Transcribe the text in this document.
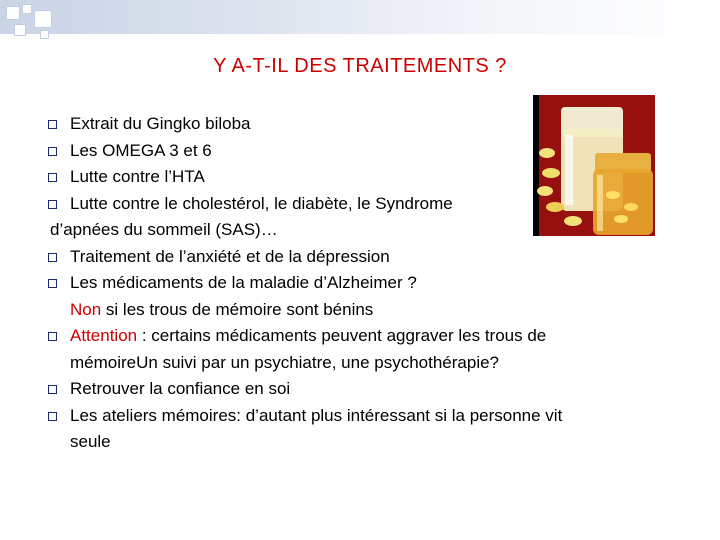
Y A-T-IL DES TRAITEMENTS ?
Extrait du Gingko biloba
Les OMEGA 3 et 6
Lutte contre l’HTA
Lutte contre le cholestérol, le diabète, le Syndrome
d’apnées du sommeil (SAS)…
Traitement de l’anxiété et de la dépression
Les médicaments de la maladie d’Alzheimer ?
Non si les trous de mémoire sont bénins
Attention : certains médicaments peuvent aggraver les trous de
mémoireUn suivi par un psychiatre, une psychothérapie?
Retrouver la confiance en soi
Les ateliers mémoires: d’autant plus intéressant si la personne vit
seule
